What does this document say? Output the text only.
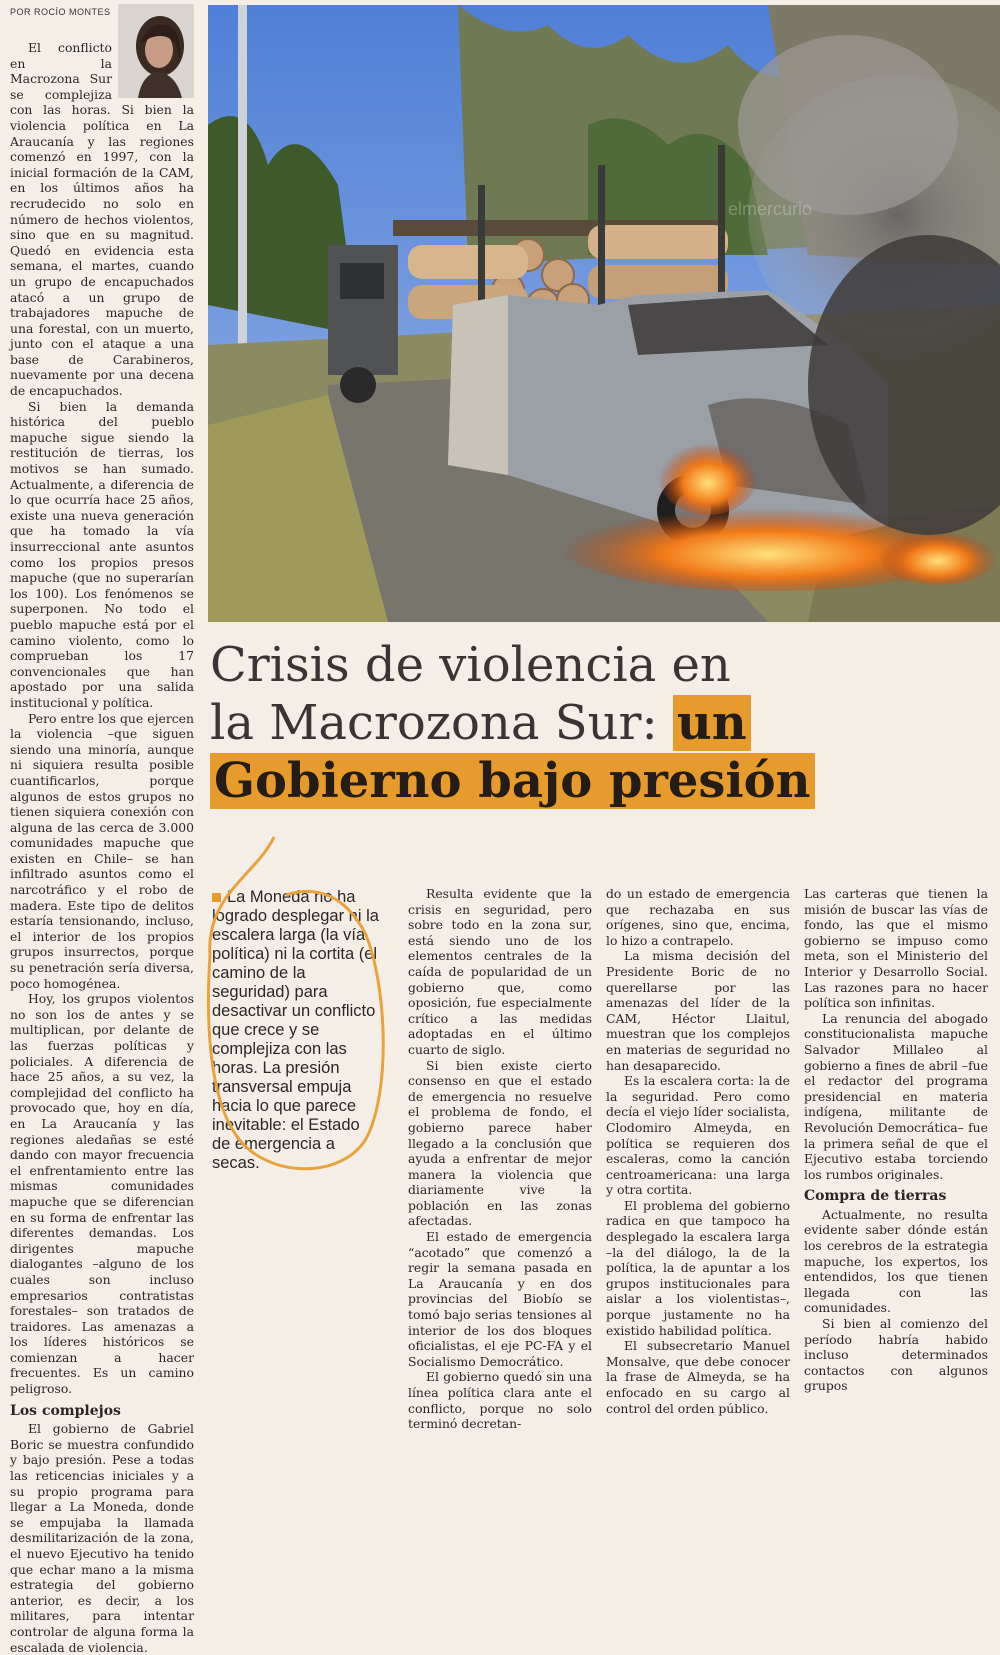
POR ROCÍO MONTES

El conflicto en la Macrozona Sur se complejiza con las horas. Si bien la violencia política en La Araucanía y las regiones comenzó en 1997, con la inicial formación de la CAM, en los últimos años ha recrudecido no solo en número de hechos violentos, sino que en su magnitud. Quedó en evidencia esta semana, el martes, cuando un grupo de encapuchados atacó a un grupo de trabajadores mapuche de una forestal, con un muerto, junto con el ataque a una base de Carabineros, nuevamente por una decena de encapuchados.

Si bien la demanda histórica del pueblo mapuche sigue siendo la restitución de tierras, los motivos se han sumado. Actualmente, a diferencia de lo que ocurría hace 25 años, existe una nueva generación que ha tomado la vía insurreccional ante asuntos como los propios presos mapuche (que no superarían los 100). Los fenómenos se superponen. No todo el pueblo mapuche está por el camino violento, como lo comprueban los 17 convencionales que han apostado por una salida institucional y política.

Pero entre los que ejercen la violencia –que siguen siendo una minoría, aunque ni siquiera resulta posible cuantificarlos, porque algunos de estos grupos no tienen siquiera conexión con alguna de las cerca de 3.000 comunidades mapuche que existen en Chile– se han infiltrado asuntos como el narcotráfico y el robo de madera. Este tipo de delitos estaría tensionando, incluso, el interior de los propios grupos insurrectos, porque su penetración sería diversa, poco homogénea.

Hoy, los grupos violentos no son los de antes y se multiplican, por delante de las fuerzas políticas y policiales. A diferencia de hace 25 años, a su vez, la complejidad del conflicto ha provocado que, hoy en día, en La Araucanía y las regiones aledañas se esté dando con mayor frecuencia el enfrentamiento entre las mismas comunidades mapuche que se diferencian en su forma de enfrentar las diferentes demandas. Los dirigentes mapuche dialogantes –alguno de los cuales son incluso empresarios contratistas forestales– son tratados de traidores. Las amenazas a los líderes históricos se comienzan a hacer frecuentes. Es un camino peligroso.

Los complejos

El gobierno de Gabriel Boric se muestra confundido y bajo presión. Pese a todas las reticencias iniciales y a su propio programa para llegar a La Moneda, donde se empujaba la llamada desmilitarización de la zona, el nuevo Ejecutivo ha tenido que echar mano a la misma estrategia del gobierno anterior, es decir, a los militares, para intentar controlar de alguna forma la escalada de violencia.

elmercurio
Crisis de violencia en
la Macrozona Sur: un
Gobierno bajo presión
La Moneda no ha logrado desplegar ni la escalera larga (la vía política) ni la cortita (el camino de la seguridad) para desactivar un conflicto que crece y se complejiza con las horas. La presión transversal empuja hacia lo que parece inevitable: el Estado de emergencia a secas.

Resulta evidente que la crisis en seguridad, pero sobre todo en la zona sur, está siendo uno de los elementos centrales de la caída de popularidad de un gobierno que, como oposición, fue especialmente crítico a las medidas adoptadas en el último cuarto de siglo.

Si bien existe cierto consenso en que el estado de emergencia no resuelve el problema de fondo, el gobierno parece haber llegado a la conclusión que ayuda a enfrentar de mejor manera la violencia que diariamente vive la población en las zonas afectadas.

El estado de emergencia “acotado” que comenzó a regir la semana pasada en La Araucanía y en dos provincias del Biobío se tomó bajo serias tensiones al interior de los dos bloques oficialistas, el eje PC-FA y el Socialismo Democrático.

El gobierno quedó sin una línea política clara ante el conflicto, porque no solo terminó decretan-

do un estado de emergencia que rechazaba en sus orígenes, sino que, encima, lo hizo a contrapelo.

La misma decisión del Presidente Boric de no querellarse por las amenazas del líder de la CAM, Héctor Llaitul, muestran que los complejos en materias de seguridad no han desaparecido.

Es la escalera corta: la de la seguridad. Pero como decía el viejo líder socialista, Clodomiro Almeyda, en política se requieren dos escaleras, como la canción centroamericana: una larga y otra cortita.

El problema del gobierno radica en que tampoco ha desplegado la escalera larga –la del diálogo, la de la política, la de apuntar a los grupos institucionales para aislar a los violentistas–, porque justamente no ha existido habilidad política.

El subsecretario Manuel Monsalve, que debe conocer la frase de Almeyda, se ha enfocado en su cargo al control del orden público.

Las carteras que tienen la misión de buscar las vías de fondo, las que el mismo gobierno se impuso como meta, son el Ministerio del Interior y Desarrollo Social. Las razones para no hacer política son infinitas.

La renuncia del abogado constitucionalista mapuche Salvador Millaleo al gobierno a fines de abril –fue el redactor del programa presidencial en materia indígena, militante de Revolución Democrática– fue la primera señal de que el Ejecutivo estaba torciendo los rumbos originales.

Compra de tierras

Actualmente, no resulta evidente saber dónde están los cerebros de la estrategia mapuche, los expertos, los entendidos, los que tienen llegada con las comunidades.

Si bien al comienzo del período habría habido incluso determinados contactos con algunos grupos
